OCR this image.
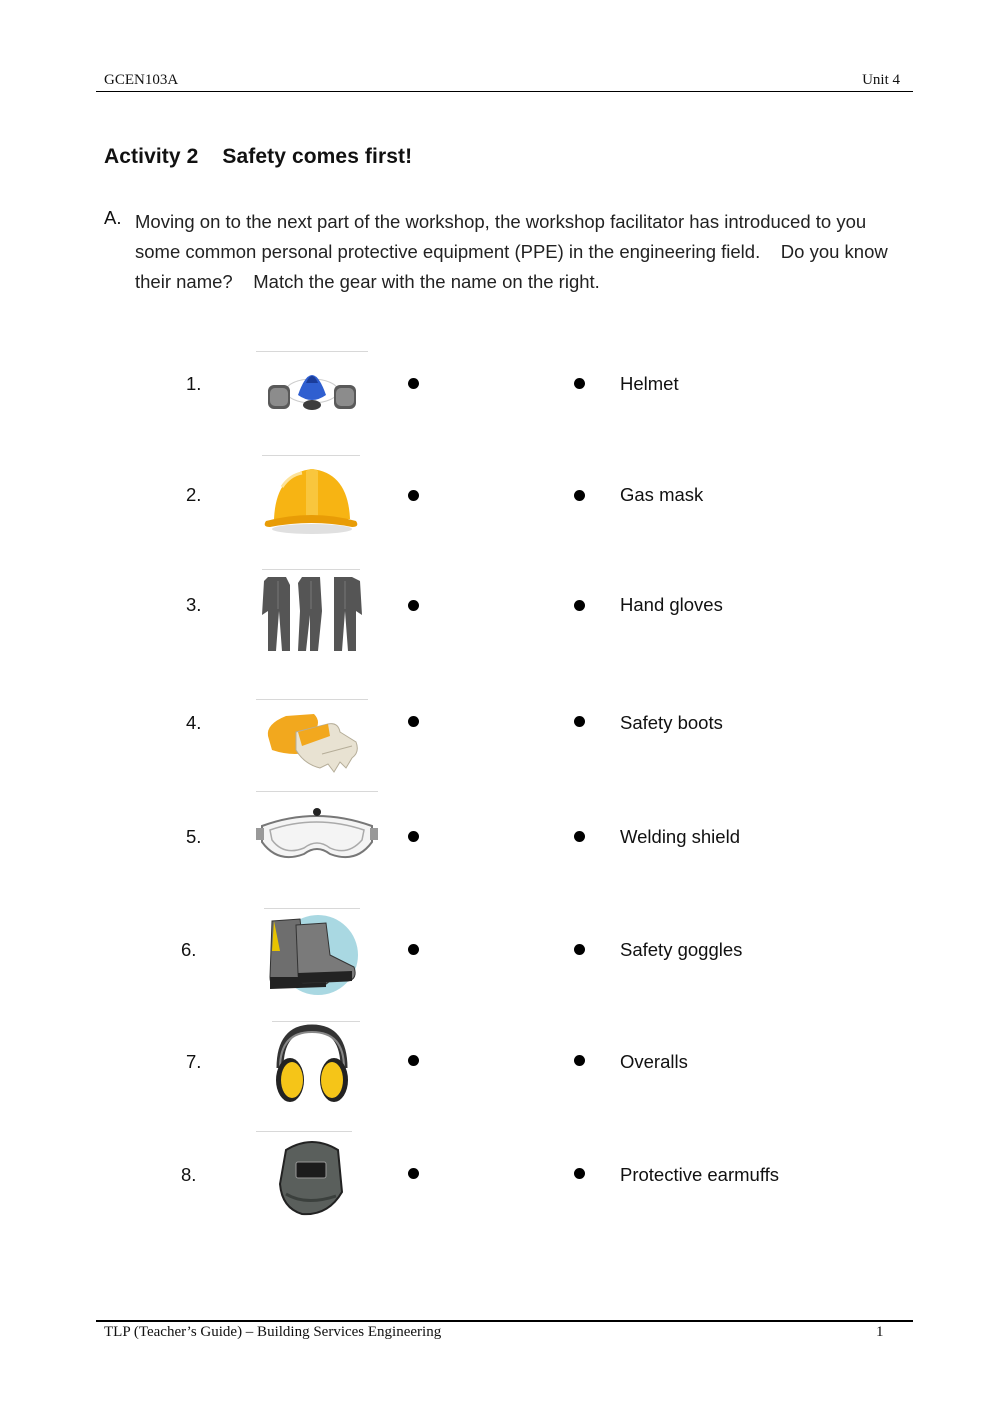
GCEN103A	Unit 4
Activity 2 Safety comes first!
A. Moving on to the next part of the workshop, the workshop facilitator has introduced to you some common personal protective equipment (PPE) in the engineering field.    Do you know their name?    Match the gear with the name on the right.
1.	Helmet
2.	Gas mask
3.	Hand gloves
4.	Safety boots
5.	Welding shield
6.	Safety goggles
7.	Overalls
8.	Protective earmuffs
TLP (Teacher’s Guide) – Building Services Engineering	1
